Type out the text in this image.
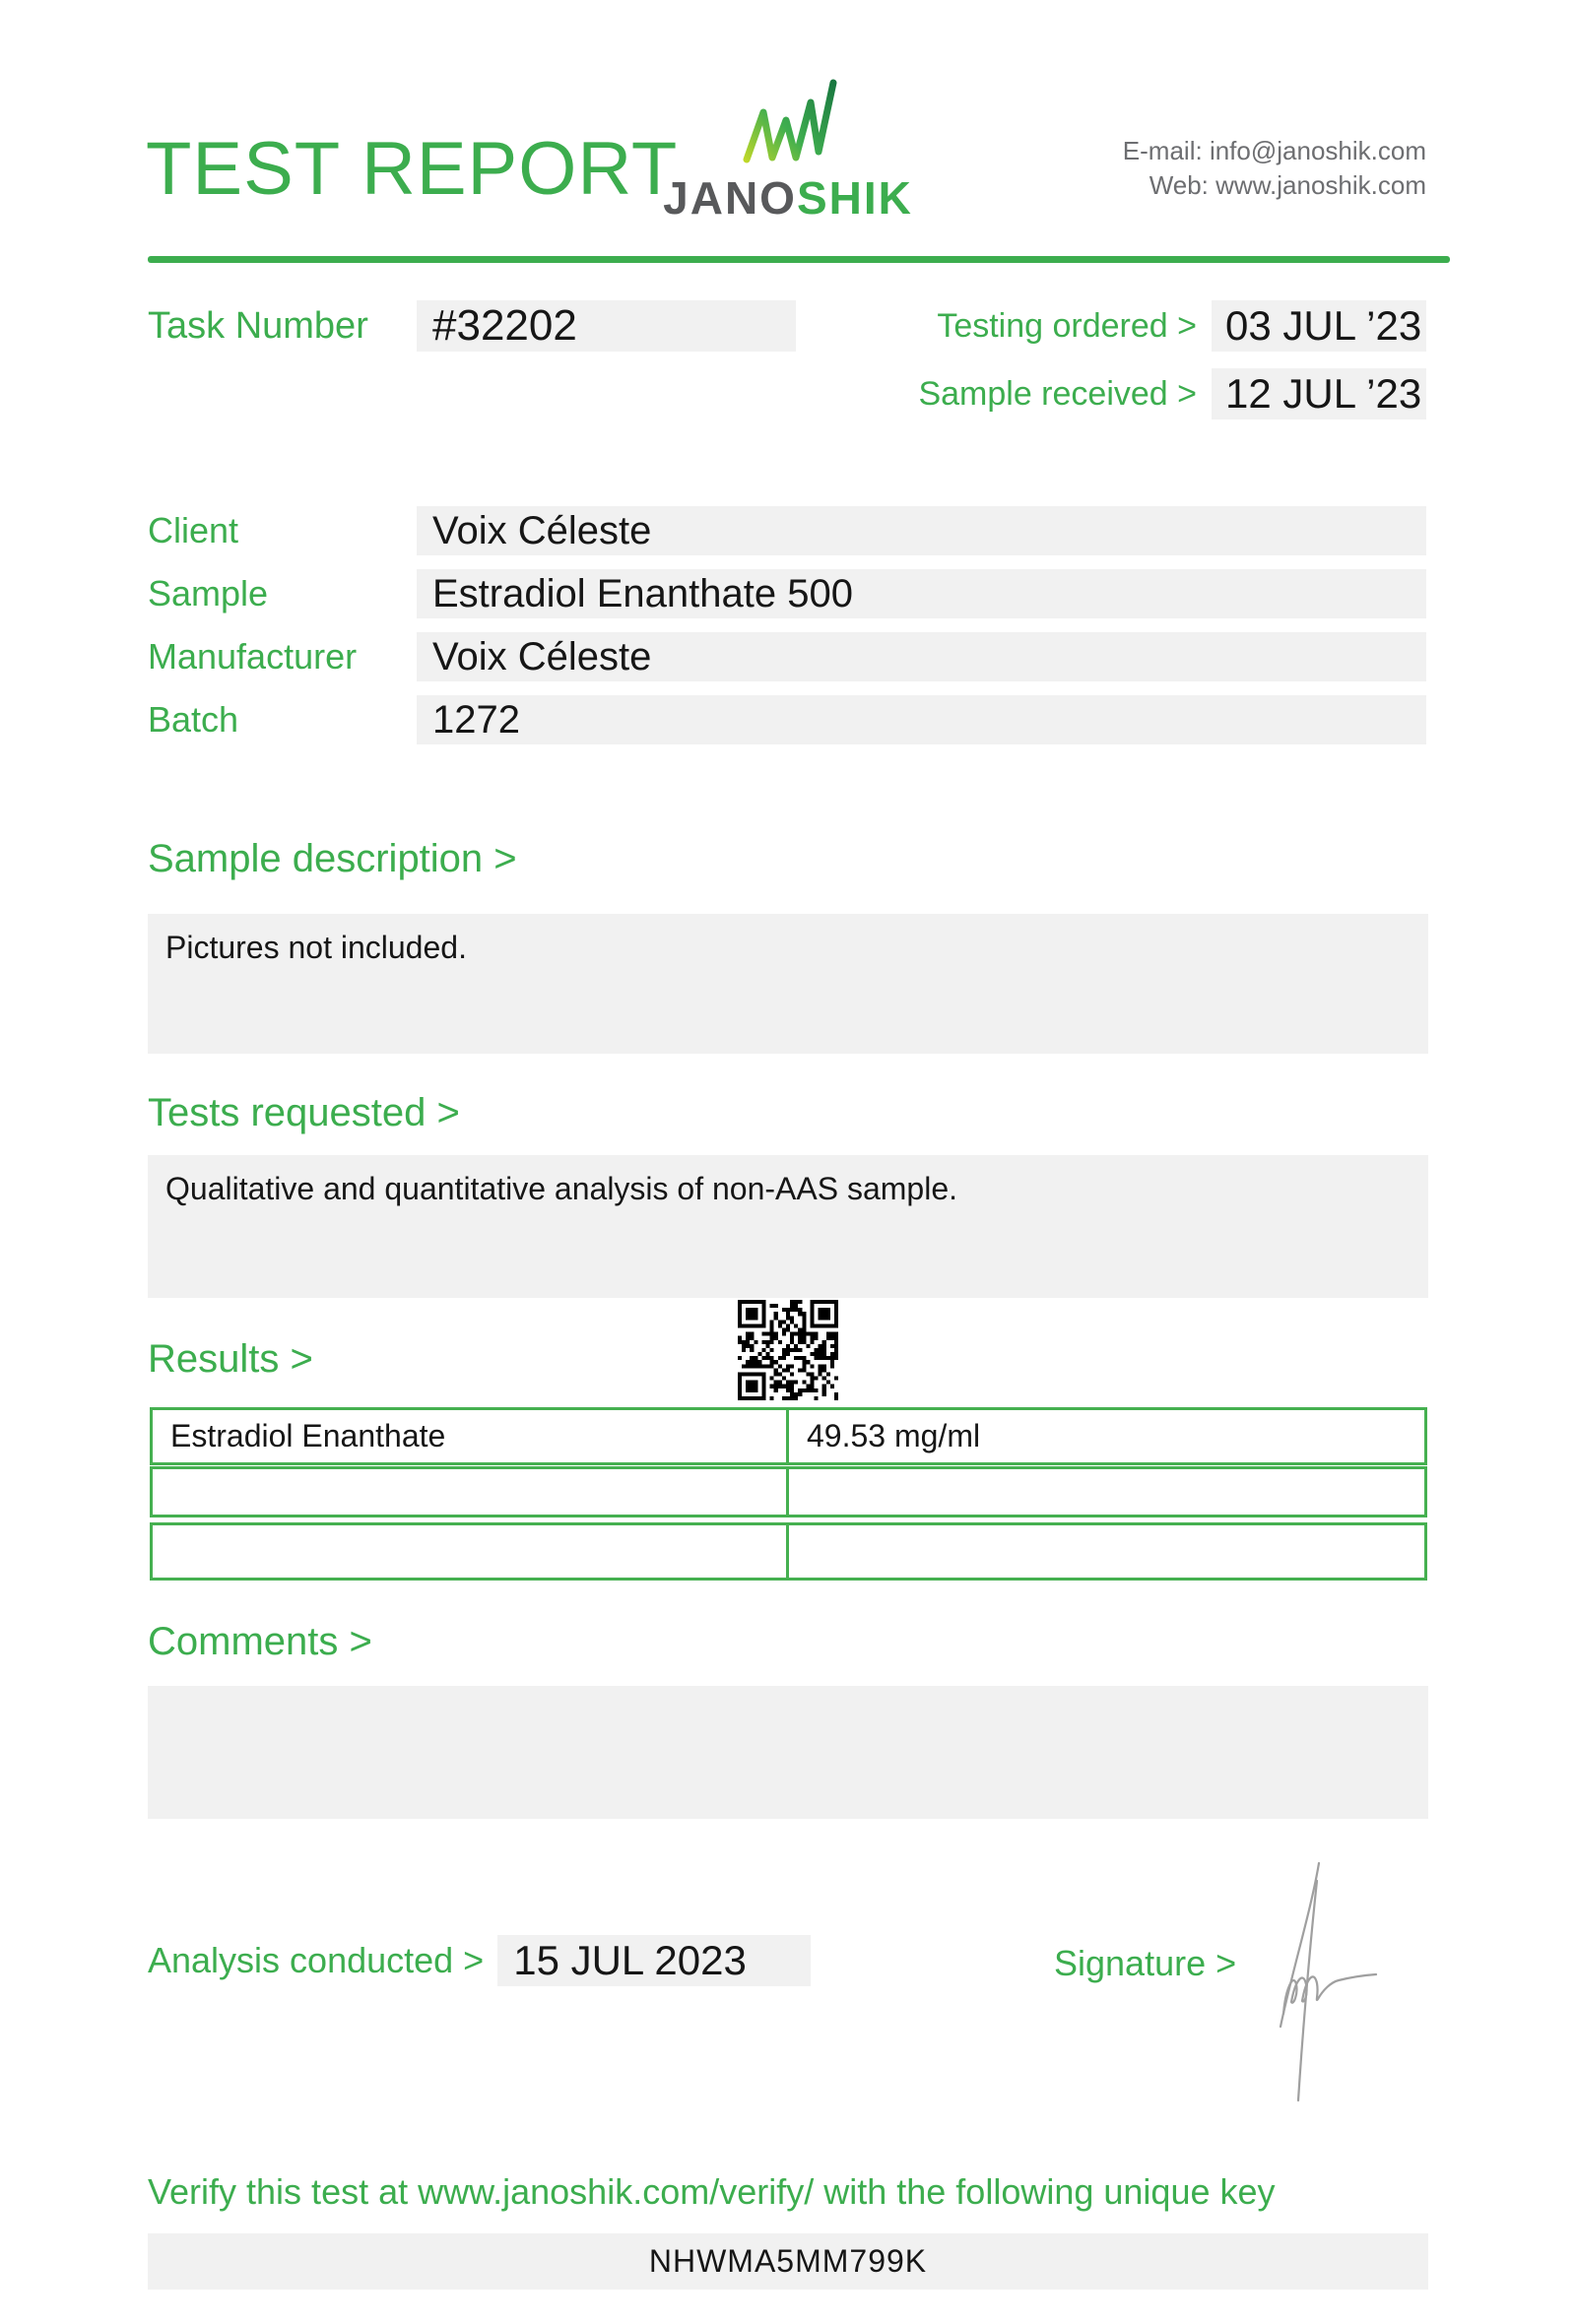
TEST REPORT
JANOSHIK
E-mail: info@janoshik.com
Web: www.janoshik.com
Task Number	#32202	Testing ordered > 03 JUL ’23
Sample received > 12 JUL ’23
Client	Voix Céleste
Sample	Estradiol Enanthate 500
Manufacturer	Voix Céleste
Batch	1272
Sample description >
Pictures not included.
Tests requested >
Qualitative and quantitative analysis of non-AAS sample.
Results >
Estradiol Enanthate	49.53 mg/ml
Comments >
Analysis conducted > 15 JUL 2023	Signature >
Verify this test at www.janoshik.com/verify/ with the following unique key
NHWMA5MM799K
